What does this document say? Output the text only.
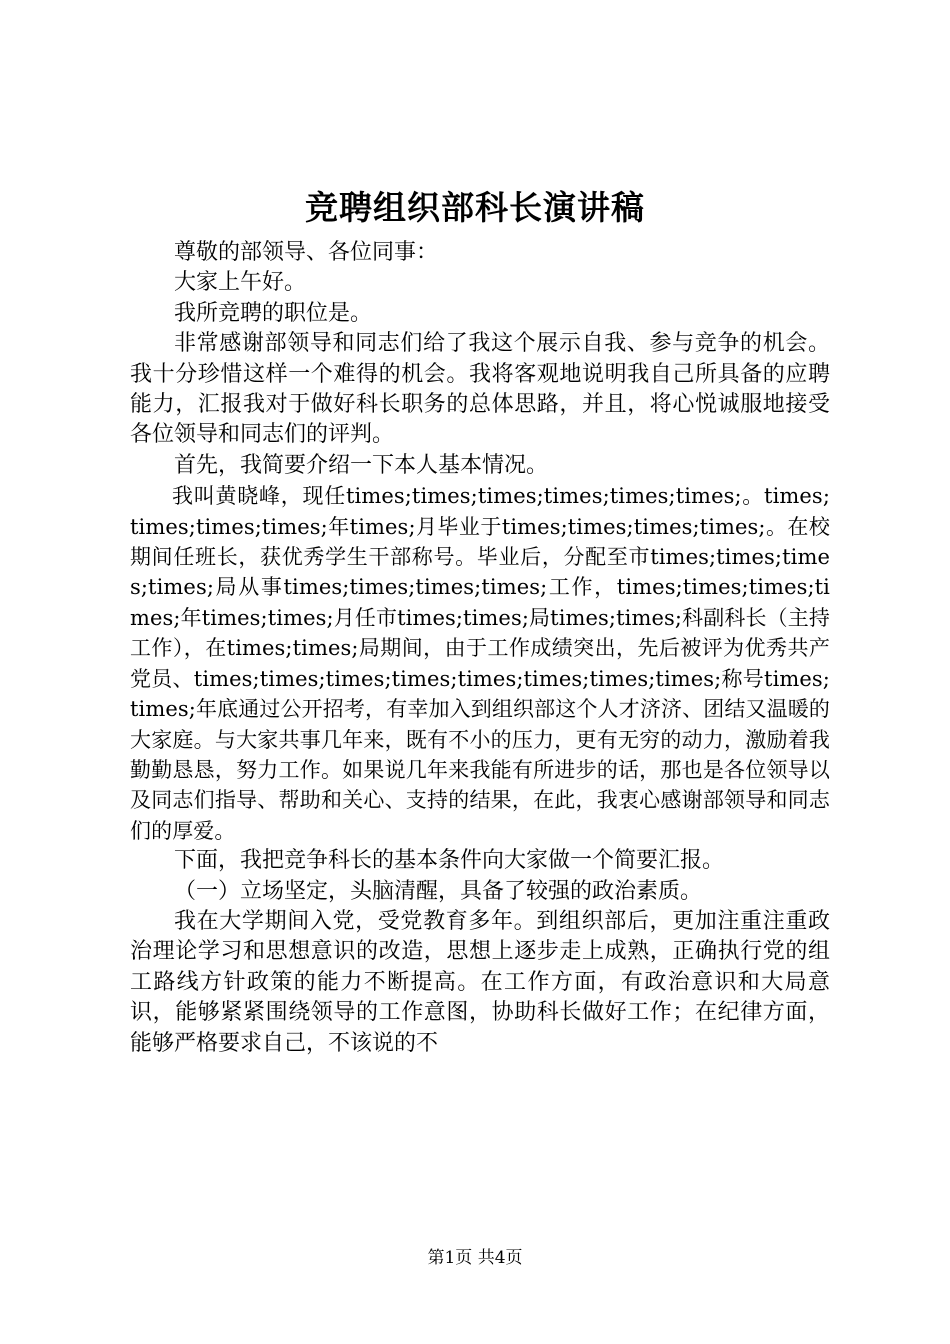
竞聘组织部科长演讲稿

尊敬的部领导、各位同事：

大家上午好。

我所竞聘的职位是。

非常感谢部领导和同志们给了我这个展示自我、参与竞争的机会。我十分珍惜这样一个难得的机会。我将客观地说明我自己所具备的应聘能力，汇报我对于做好科长职务的总体思路，并且，将心悦诚服地接受各位领导和同志们的评判。

首先，我简要介绍一下本人基本情况。

我叫黄晓峰，现任times;times;times;times;times;times;。times;times;times;times;年times;月毕业于times;times;times;times;。在校期间任班长，获优秀学生干部称号。毕业后，分配至市times;times;times;times;局从事times;times;times;times;工作，times;times;times;times;年times;times;月任市times;times;局times;times;科副科长（主持工作），在times;times;局期间，由于工作成绩突出，先后被评为优秀共产党员、times;times;times;times;times;times;times;times;称号times;times;年底通过公开招考，有幸加入到组织部这个人才济济、团结又温暖的大家庭。与大家共事几年来，既有不小的压力，更有无穷的动力，激励着我勤勤恳恳，努力工作。如果说几年来我能有所进步的话，那也是各位领导以及同志们指导、帮助和关心、支持的结果，在此，我衷心感谢部领导和同志们的厚爱。

下面，我把竞争科长的基本条件向大家做一个简要汇报。

（一）立场坚定，头脑清醒，具备了较强的政治素质。

我在大学期间入党，受党教育多年。到组织部后，更加注重注重政治理论学习和思想意识的改造，思想上逐步走上成熟，正确执行党的组工路线方针政策的能力不断提高。在工作方面，有政治意识和大局意识，能够紧紧围绕领导的工作意图，协助科长做好工作；在纪律方面，能够严格要求自己，不该说的不

第1页 共4页
